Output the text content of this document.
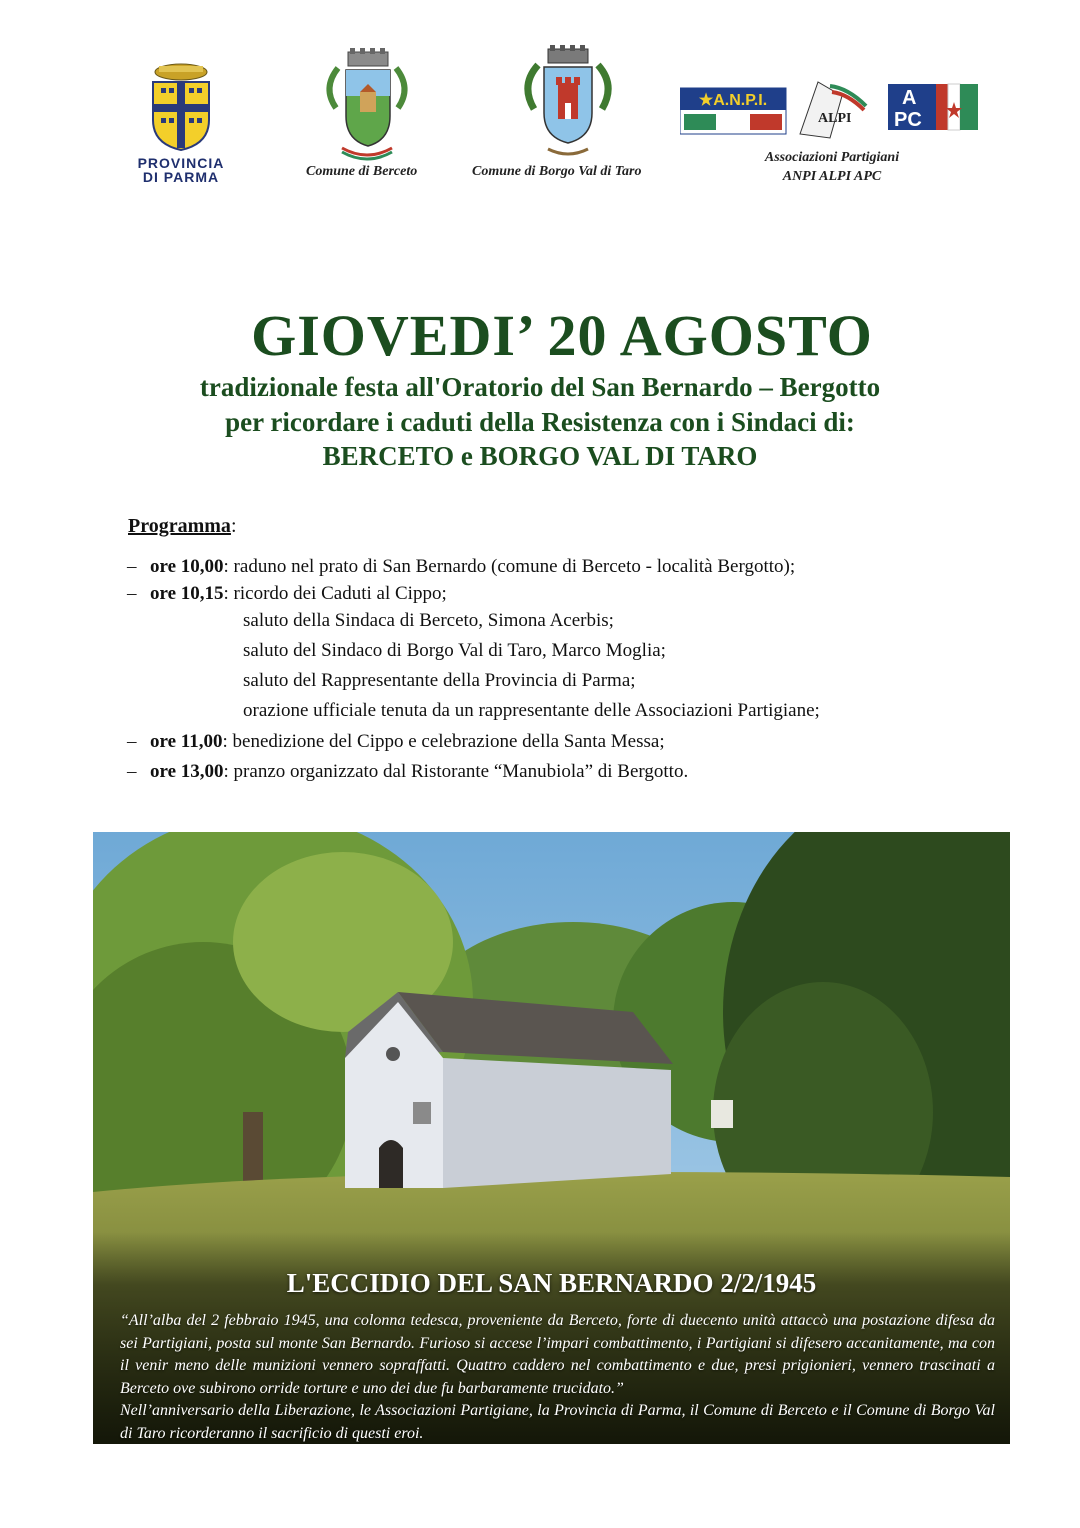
PROVINCIA
DI PARMA
★A.N.P.I.
ALPI
A
PC
Comune di Berceto	Comune di Borgo Val di Taro
Associazioni Partigiani
ANPI ALPI APC
GIOVEDI’ 20 AGOSTO
tradizionale festa all'Oratorio del San Bernardo – Bergotto
per ricordare i caduti della Resistenza con i Sindaci di:
BERCETO e BORGO VAL DI TARO
Programma:
– ore 10,00: raduno nel prato di San Bernardo (comune di Berceto - località Bergotto);
– ore 10,15: ricordo dei Caduti al Cippo;
saluto della Sindaca di Berceto, Simona Acerbis;
saluto del Sindaco di Borgo Val di Taro, Marco Moglia;
saluto del Rappresentante della Provincia di Parma;
orazione ufficiale tenuta da un rappresentante delle Associazioni Partigiane;
– ore 11,00: benedizione del Cippo e celebrazione della Santa Messa;
– ore 13,00: pranzo organizzato dal Ristorante “Manubiola” di Bergotto.
L'ECCIDIO DEL SAN BERNARDO 2/2/1945

“All’alba del 2 febbraio 1945, una colonna tedesca, proveniente da Berceto, forte di duecento unità attaccò una postazione difesa da sei Partigiani, posta sul monte San Bernardo. Furioso si accese l’impari combattimento, i Partigiani si difesero accanitamente, ma con il venir meno delle munizioni vennero sopraffatti. Quattro caddero nel combattimento e due, presi prigionieri, vennero trascinati a Berceto ove subirono orride torture e uno dei due fu barbaramente trucidato.”

Nell’anniversario della Liberazione, le Associazioni Partigiane, la Provincia di Parma, il Comune di Berceto e il Comune di Borgo Val di Taro ricorderanno il sacrificio di questi eroi.
